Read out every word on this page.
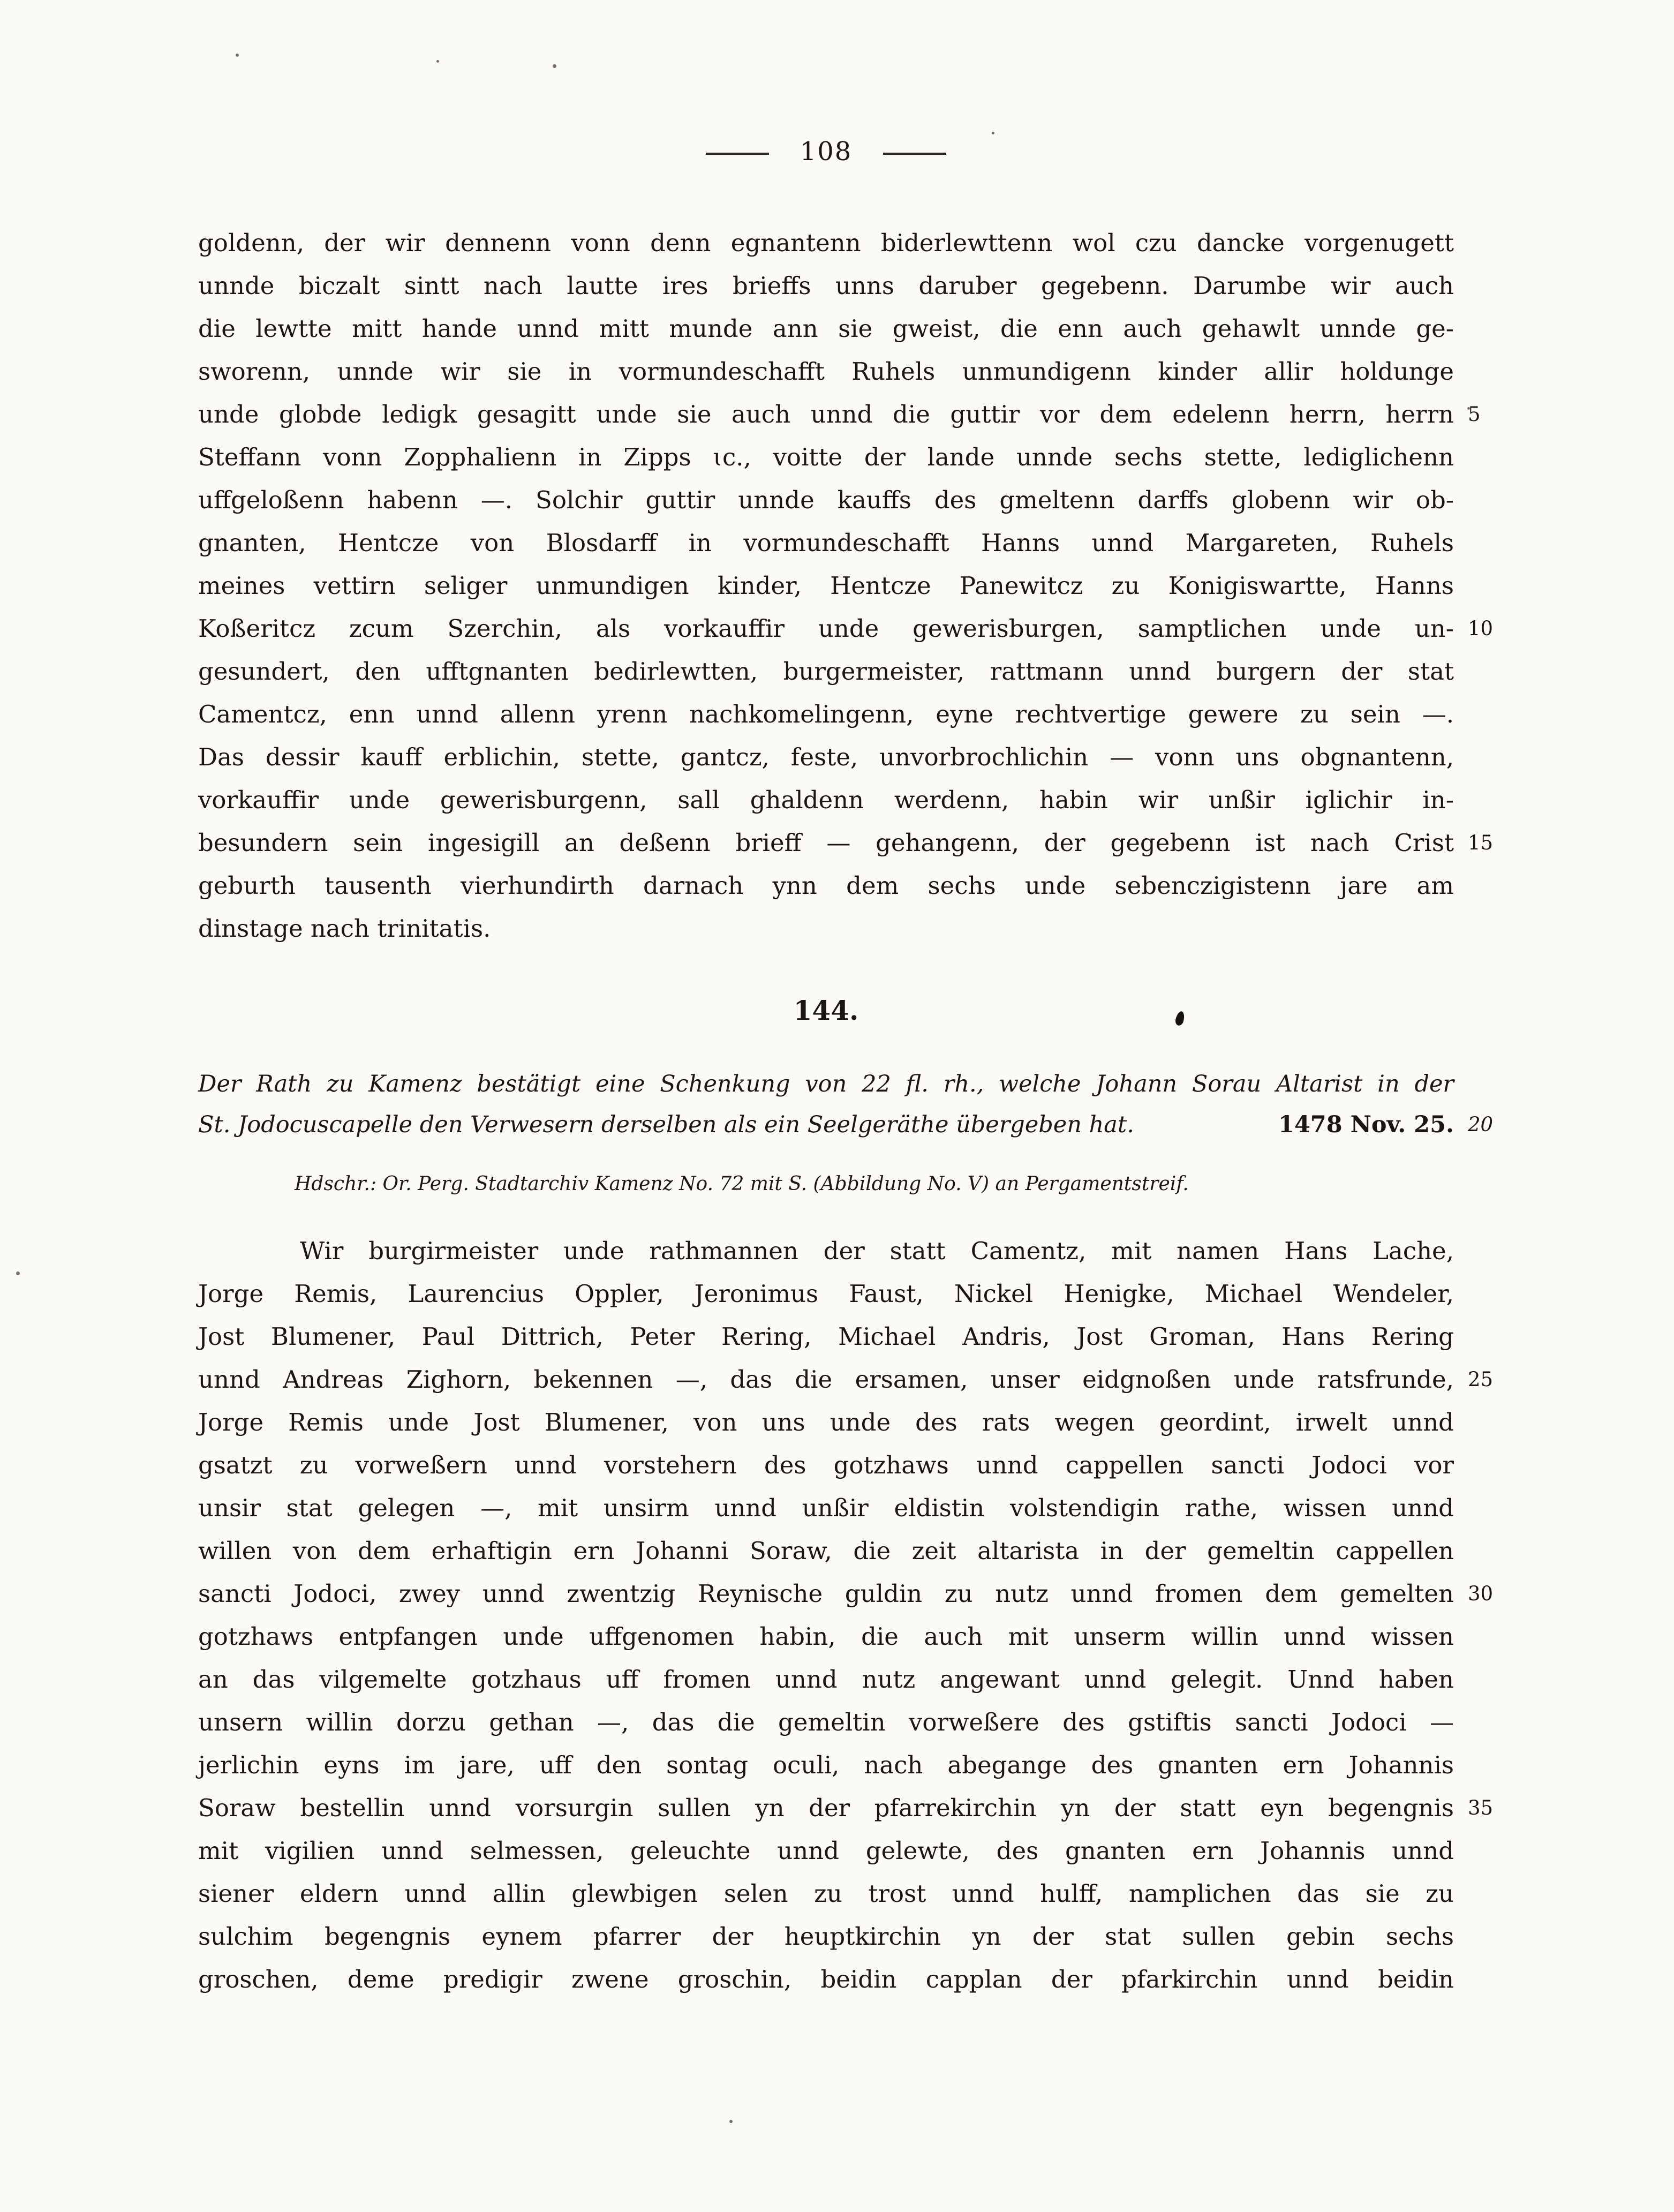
108
goldenn, der wir dennenn vonn denn egnantenn biderlewttenn wol czu dancke vorgenugett
unnde biczalt sintt nach lautte ires brieffs unns daruber gegebenn. Darumbe wir auch
die lewtte mitt hande unnd mitt munde ann sie gweist, die enn auch gehawlt unnde ge-
sworenn, unnde wir sie in vormundeschafft Ruhels unmundigenn kinder allir holdunge
unde globde ledigk gesagitt unde sie auch unnd die guttir vor dem edelenn herrn, herrn 5
Steffann vonn Zopphalienn in Zipps ɩc., voitte der lande unnde sechs stette, lediglichenn
uffgeloßenn habenn —. Solchir guttir unnde kauffs des gmeltenn darffs globenn wir ob-
gnanten, Hentcze von Blosdarff in vormundeschafft Hanns unnd Margareten, Ruhels
meines vettirn seliger unmundigen kinder, Hentcze Panewitcz zu Konigiswartte, Hanns
Koßeritcz zcum Szerchin, als vorkauffir unde gewerisburgen, samptlichen unde un- 10
gesundert, den ufftgnanten bedirlewtten, burgermeister, rattmann unnd burgern der stat
Camentcz, enn unnd allenn yrenn nachkomelingenn, eyne rechtvertige gewere zu sein —.
Das dessir kauff erblichin, stette, gantcz, feste, unvorbrochlichin — vonn uns obgnantenn,
vorkauffir unde gewerisburgenn, sall ghaldenn werdenn, habin wir unßir iglichir in-
besundern sein ingesigill an deßenn brieff — gehangenn, der gegebenn ist nach Crist 15
geburth tausenth vierhundirth darnach ynn dem sechs unde sebenczigistenn jare am
dinstage nach trinitatis.
144.
Der Rath zu Kamenz bestätigt eine Schenkung von 22 fl. rh., welche Johann Sorau Altarist in der
St. Jodocuscapelle den Verwesern derselben als ein Seelgeräthe übergeben hat.	1478 Nov. 25. 20
Hdschr.: Or. Perg. Stadtarchiv Kamenz No. 72 mit S. (Abbildung No. V) an Pergamentstreif.
Wir burgirmeister unde rathmannen der statt Camentz, mit namen Hans Lache,
Jorge Remis, Laurencius Oppler, Jeronimus Faust, Nickel Henigke, Michael Wendeler,
Jost Blumener, Paul Dittrich, Peter Rering, Michael Andris, Jost Groman, Hans Rering
unnd Andreas Zighorn, bekennen —, das die ersamen, unser eidgnoßen unde ratsfrunde, 25
Jorge Remis unde Jost Blumener, von uns unde des rats wegen geordint, irwelt unnd
gsatzt zu vorweßern unnd vorstehern des gotzhaws unnd cappellen sancti Jodoci vor
unsir stat gelegen —, mit unsirm unnd unßir eldistin volstendigin rathe, wissen unnd
willen von dem erhaftigin ern Johanni Soraw, die zeit altarista in der gemeltin cappellen
sancti Jodoci, zwey unnd zwentzig Reynische guldin zu nutz unnd fromen dem gemelten 30
gotzhaws entpfangen unde uffgenomen habin, die auch mit unserm willin unnd wissen
an das vilgemelte gotzhaus uff fromen unnd nutz angewant unnd gelegit. Unnd haben
unsern willin dorzu gethan —, das die gemeltin vorweßere des gstiftis sancti Jodoci —
jerlichin eyns im jare, uff den sontag oculi, nach abegange des gnanten ern Johannis
Soraw bestellin unnd vorsurgin sullen yn der pfarrekirchin yn der statt eyn begengnis 35
mit vigilien unnd selmessen, geleuchte unnd gelewte, des gnanten ern Johannis unnd
siener eldern unnd allin glewbigen selen zu trost unnd hulff, namplichen das sie zu
sulchim begengnis eynem pfarrer der heuptkirchin yn der stat sullen gebin sechs
groschen, deme predigir zwene groschin, beidin capplan der pfarkirchin unnd beidin
